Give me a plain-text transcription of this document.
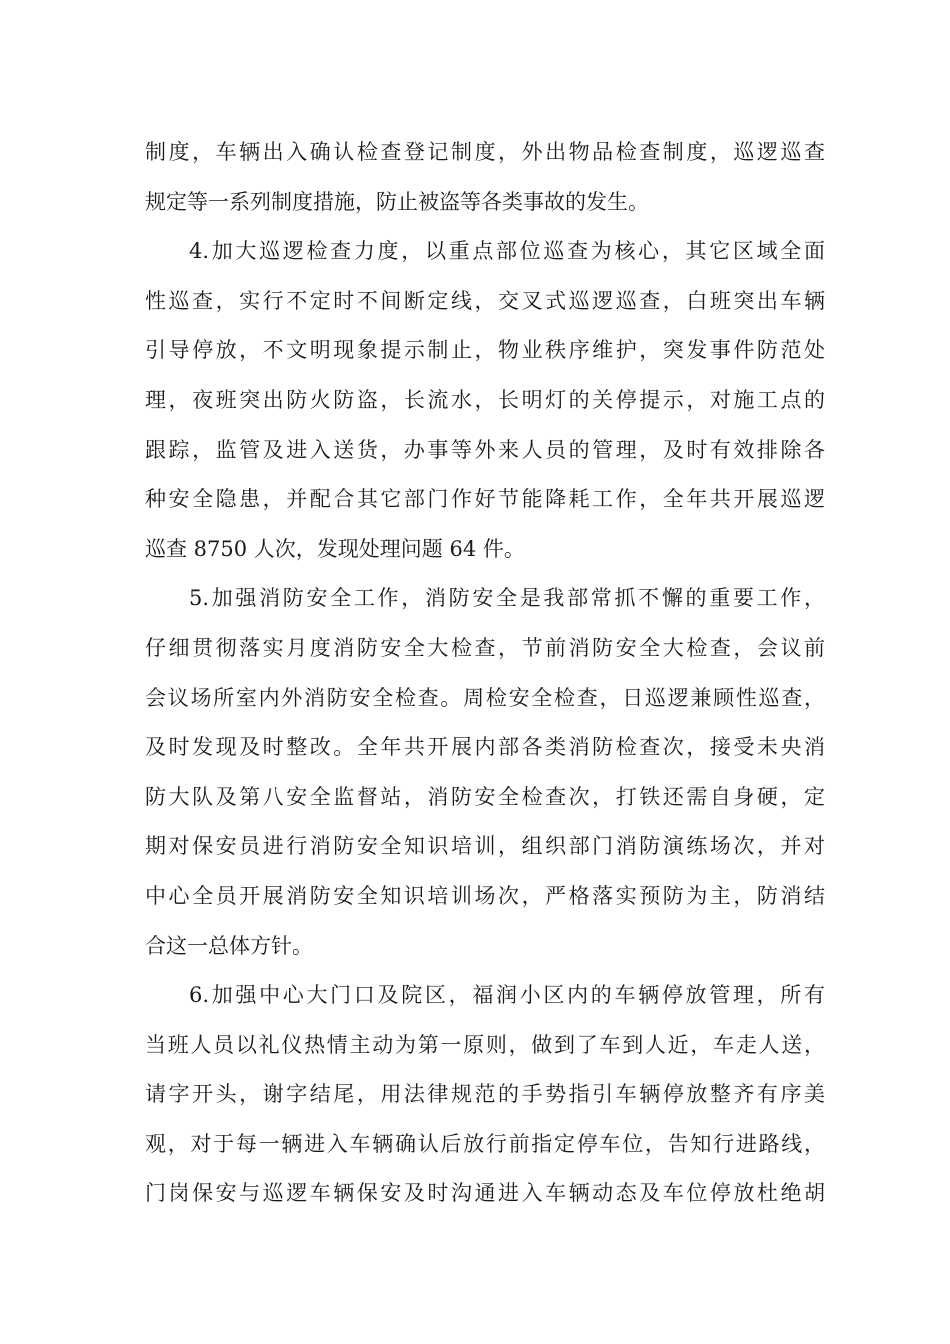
制度，车辆出入确认检查登记制度，外出物品检查制度，巡逻巡查
规定等一系列制度措施，防止被盗等各类事故的发生。
4.加大巡逻检查力度，以重点部位巡查为核心，其它区域全面
性巡查，实行不定时不间断定线，交叉式巡逻巡查，白班突出车辆
引导停放，不文明现象提示制止，物业秩序维护，突发事件防范处
理，夜班突出防火防盗，长流水，长明灯的关停提示，对施工点的
跟踪，监管及进入送货，办事等外来人员的管理，及时有效排除各
种安全隐患，并配合其它部门作好节能降耗工作，全年共开展巡逻
巡查 8750 人次，发现处理问题 64 件。
5.加强消防安全工作，消防安全是我部常抓不懈的重要工作，
仔细贯彻落实月度消防安全大检查，节前消防安全大检查，会议前
会议场所室内外消防安全检查。周检安全检查，日巡逻兼顾性巡查，
及时发现及时整改。全年共开展内部各类消防检查次，接受未央消
防大队及第八安全监督站，消防安全检查次，打铁还需自身硬，定
期对保安员进行消防安全知识培训，组织部门消防演练场次，并对
中心全员开展消防安全知识培训场次，严格落实预防为主，防消结
合这一总体方针。
6.加强中心大门口及院区，福润小区内的车辆停放管理，所有
当班人员以礼仪热情主动为第一原则，做到了车到人近，车走人送，
请字开头，谢字结尾，用法律规范的手势指引车辆停放整齐有序美
观，对于每一辆进入车辆确认后放行前指定停车位，告知行进路线，
门岗保安与巡逻车辆保安及时沟通进入车辆动态及车位停放杜绝胡
